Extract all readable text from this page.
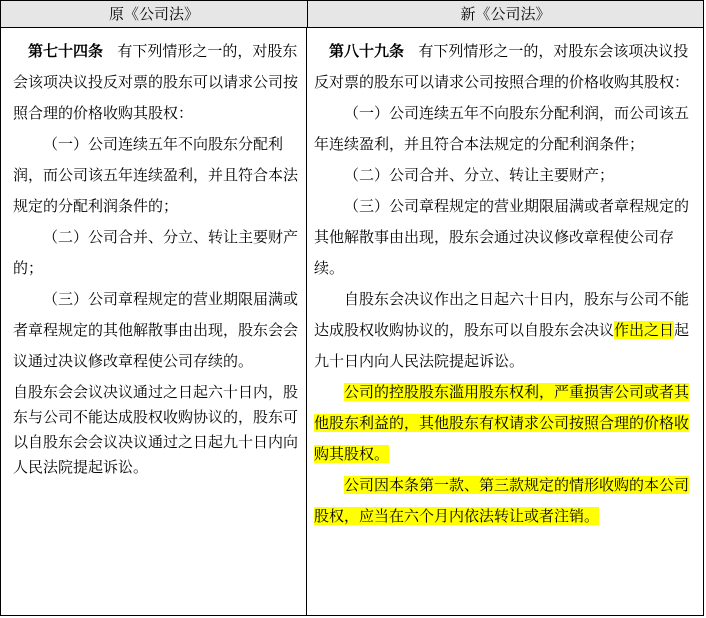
原《公司法》	新《公司法》

第七十四条 有下列情形之一的，对股东会该项决议投反对票的股东可以请求公司按照合理的价格收购其股权：

（一）公司连续五年不向股东分配利润，而公司该五年连续盈利，并且符合本法规定的分配利润条件的；

（二）公司合并、分立、转让主要财产的；

（三）公司章程规定的营业期限届满或者章程规定的其他解散事由出现，股东会会议通过决议修改章程使公司存续的。

自股东会会议决议通过之日起六十日内，股东与公司不能达成股权收购协议的，股东可以自股东会会议决议通过之日起九十日内向人民法院提起诉讼。

第八十九条 有下列情形之一的，对股东会该项决议投反对票的股东可以请求公司按照合理的价格收购其股权：

（一）公司连续五年不向股东分配利润，而公司该五年连续盈利，并且符合本法规定的分配利润条件；

（二）公司合并、分立、转让主要财产；

（三）公司章程规定的营业期限届满或者章程规定的其他解散事由出现，股东会通过决议修改章程使公司存续。

自股东会决议作出之日起六十日内，股东与公司不能达成股权收购协议的，股东可以自股东会决议作出之日起九十日内向人民法院提起诉讼。

公司的控股股东滥用股东权利，严重损害公司或者其他股东利益的，其他股东有权请求公司按照合理的价格收购其股权。

公司因本条第一款、第三款规定的情形收购的本公司股权，应当在六个月内依法转让或者注销。
